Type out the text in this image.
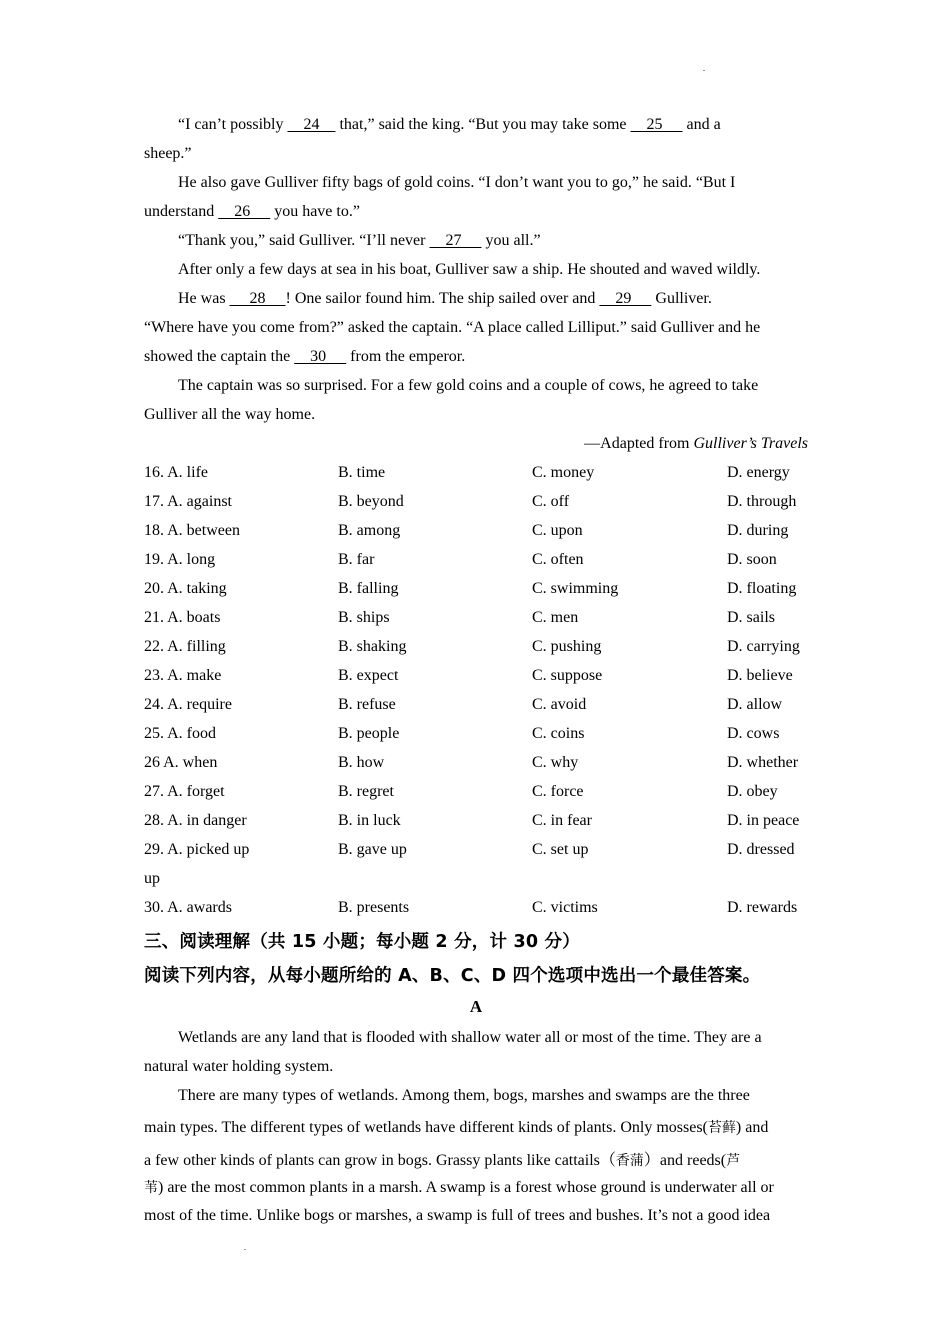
“I can’t possibly     24     that,” said the king. “But you may take some     25      and a
sheep.”
He also gave Gulliver fifty bags of gold coins. “I don’t want you to go,” he said. “But I
understand     26      you have to.”
“Thank you,” said Gulliver. “I’ll never     27      you all.”
After only a few days at sea in his boat, Gulliver saw a ship. He shouted and waved wildly.
He was      28     ! One sailor found him. The ship sailed over and     29      Gulliver.
“Where have you come from?” asked the captain. “A place called Lilliput.” said Gulliver and he
showed the captain the     30      from the emperor.
The captain was so surprised. For a few gold coins and a couple of cows, he agreed to take
Gulliver all the way home.
—Adapted from Gulliver’s Travels
16. A. life	B. time	C. money	D. energy
17. A. against	B. beyond	C. off	D. through
18. A. between	B. among	C. upon	D. during
19. A. long	B. far	C. often	D. soon
20. A. taking	B. falling	C. swimming	D. floating
21. A. boats	B. ships	C. men	D. sails
22. A. filling	B. shaking	C. pushing	D. carrying
23. A. make	B. expect	C. suppose	D. believe
24. A. require	B. refuse	C. avoid	D. allow
25. A. food	B. people	C. coins	D. cows
26 A. when	B. how	C. why	D. whether
27. A. forget	B. regret	C. force	D. obey
28. A. in danger	B. in luck	C. in fear	D. in peace
29. A. picked up	B. gave up	C. set up	D. dressed
up
30. A. awards	B. presents	C. victims	D. rewards
三、阅读理解（共 15 小题；每小题 2 分，计 30 分）
阅读下列内容，从每小题所给的 A、B、C、D 四个选项中选出一个最佳答案。
A
Wetlands are any land that is flooded with shallow water all or most of the time. They are a
natural water holding system.
There are many types of wetlands. Among them, bogs, marshes and swamps are the three
main types. The different types of wetlands have different kinds of plants. Only mosses(苔藓) and
a few other kinds of plants can grow in bogs. Grassy plants like cattails（香蒲）and reeds(芦
苇) are the most common plants in a marsh. A swamp is a forest whose ground is underwater all or
most of the time. Unlike bogs or marshes, a swamp is full of trees and bushes. It’s not a good idea
